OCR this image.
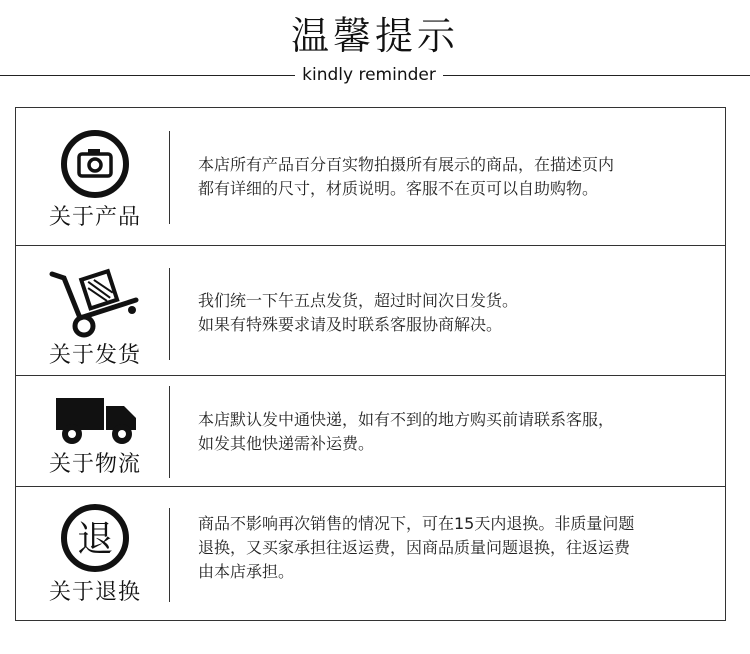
温馨提示
kindly reminder
关于产品
本店所有产品百分百实物拍摄所有展示的商品，在描述页内
都有详细的尺寸，材质说明。客服不在页可以自助购物。
关于发货
我们统一下午五点发货，超过时间次日发货。
如果有特殊要求请及时联系客服协商解决。
关于物流
本店默认发中通快递，如有不到的地方购买前请联系客服，
如发其他快递需补运费。
退
关于退换
商品不影响再次销售的情况下，可在15天内退换。非质量问题
退换，又买家承担往返运费，因商品质量问题退换，往返运费
由本店承担。
